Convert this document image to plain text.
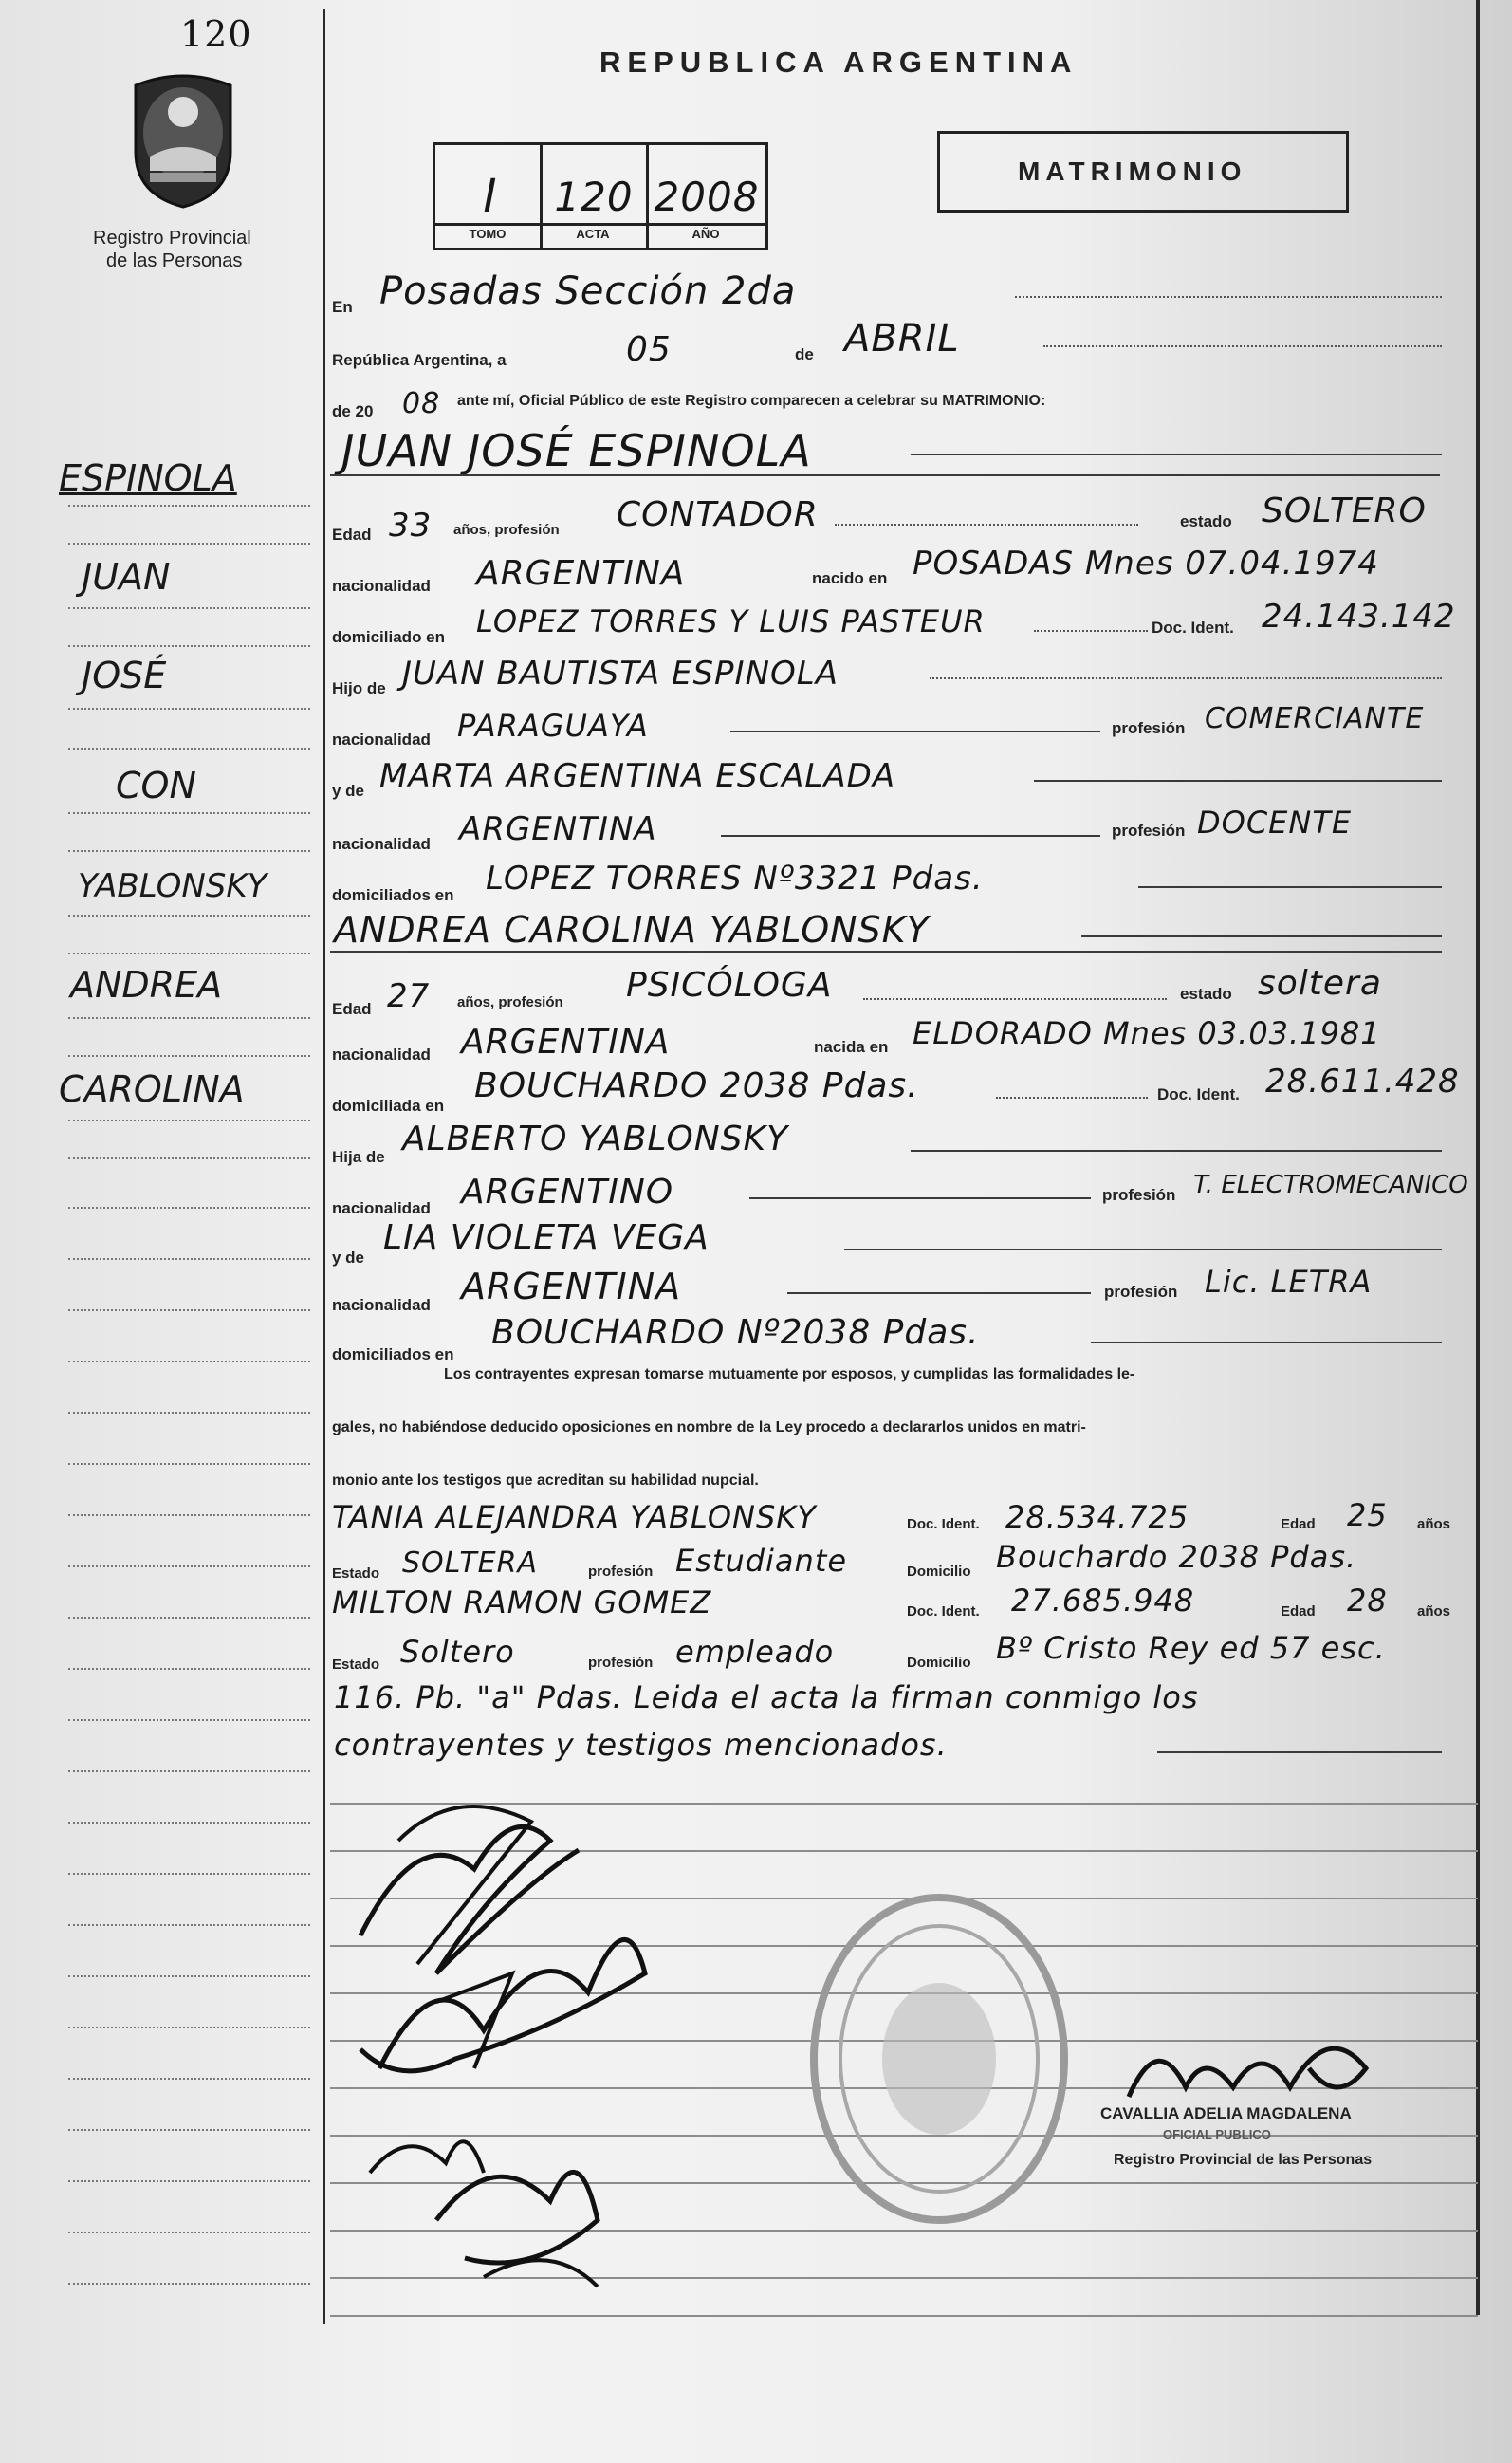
120
Registro Provincial
de las Personas
REPUBLICA ARGENTINA
MATRIMONIO
I	120 2008
TOMO	ACTA	AÑO
ESPINOLA
JUAN
JOSÉ
CON
YABLONSKY
ANDREA
CAROLINA
En Posadas Sección 2da
República Argentina, a	05	de ABRIL
de 20 08 ante mí, Oficial Público de este Registro comparecen a celebrar su MATRIMONIO:
JUAN JOSÉ ESPINOLA
Edad 33 años, profesión CONTADOR	estado SOLTERO
nacionalidad ARGENTINA	nacido en POSADAS Mnes 07.04.1974
domiciliado en LOPEZ TORRES Y LUIS PASTEUR	Doc. Ident. 24.143.142
Hijo de JUAN BAUTISTA ESPINOLA
nacionalidad PARAGUAYA	profesión COMERCIANTE
y de MARTA ARGENTINA ESCALADA
nacionalidad ARGENTINA	profesión DOCENTE
domiciliados en LOPEZ TORRES Nº3321 Pdas.
ANDREA CAROLINA YABLONSKY
Edad 27 años, profesión PSICÓLOGA	estado soltera
nacionalidad ARGENTINA	nacida en ELDORADO Mnes 03.03.1981
domiciliada en
BOUCHARDO 2038 Pdas.	Doc. Ident. 28.611.428
Hija de ALBERTO YABLONSKY
nacionalidad ARGENTINO	profesión T. ELECTROMECANICO
y de
LIA VIOLETA VEGA
nacionalidad ARGENTINA	profesión Lic. LETRA
domiciliados en
BOUCHARDO Nº2038 Pdas.
Los contrayentes expresan tomarse mutuamente por esposos, y cumplidas las formalidades le-
gales, no habiéndose deducido oposiciones en nombre de la Ley procedo a declararlos unidos en matri-
monio ante los testigos que acreditan su habilidad nupcial.
TANIA ALEJANDRA YABLONSKY	Doc. Ident. 28.534.725	Edad 25 años
Estado SOLTERA	profesión Estudiante	Domicilio Bouchardo 2038 Pdas.
MILTON RAMON GOMEZ	Doc. Ident. 27.685.948	Edad 28 años
Estado Soltero	profesión empleado	Domicilio Bº Cristo Rey ed 57 esc.
116. Pb. "a" Pdas. Leida el acta la firman conmigo los
contrayentes y testigos mencionados.
CAVALLIA ADELIA MAGDALENA
OFICIAL PUBLICO
Registro Provincial de las Personas
